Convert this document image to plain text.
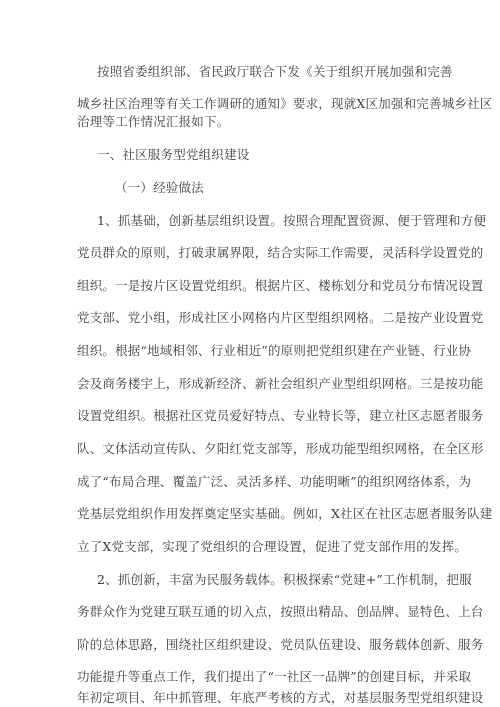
按照省委组织部、省民政厅联合下发《关于组织开展加强和完善
城乡社区治理等有关工作调研的通知》要求，现就X区加强和完善城乡社区
治理等工作情况汇报如下。
一、社区服务型党组织建设
（一）经验做法
1、抓基础，创新基层组织设置。按照合理配置资源、便于管理和方便
党员群众的原则，打破隶属界限，结合实际工作需要，灵活科学设置党的
组织。一是按片区设置党组织。根据片区、楼栋划分和党员分布情况设置
党支部、党小组，形成社区小网格内片区型组织网格。二是按产业设置党
组织。根据“地域相邻、行业相近”的原则把党组织建在产业链、行业协
会及商务楼宇上，形成新经济、新社会组织产业型组织网格。三是按功能
设置党组织。根据社区党员爱好特点、专业特长等，建立社区志愿者服务
队、文体活动宣传队、夕阳红党支部等，形成功能型组织网格，在全区形
成了“布局合理、覆盖广泛、灵活多样、功能明晰”的组织网络体系，为
党基层党组织作用发挥奠定坚实基础。例如，X社区在社区志愿者服务队建
立了X党支部，实现了党组织的合理设置，促进了党支部作用的发挥。
2、抓创新，丰富为民服务载体。积极探索“党建+”工作机制，把服
务群众作为党建互联互通的切入点，按照出精品、创品牌、显特色、上台
阶的总体思路，围绕社区组织建设、党员队伍建设、服务载体创新、服务
功能提升等重点工作，我们提出了“一社区一品牌”的创建目标，并采取
年初定项目、年中抓管理、年底严考核的方式，对基层服务型党组织建设
